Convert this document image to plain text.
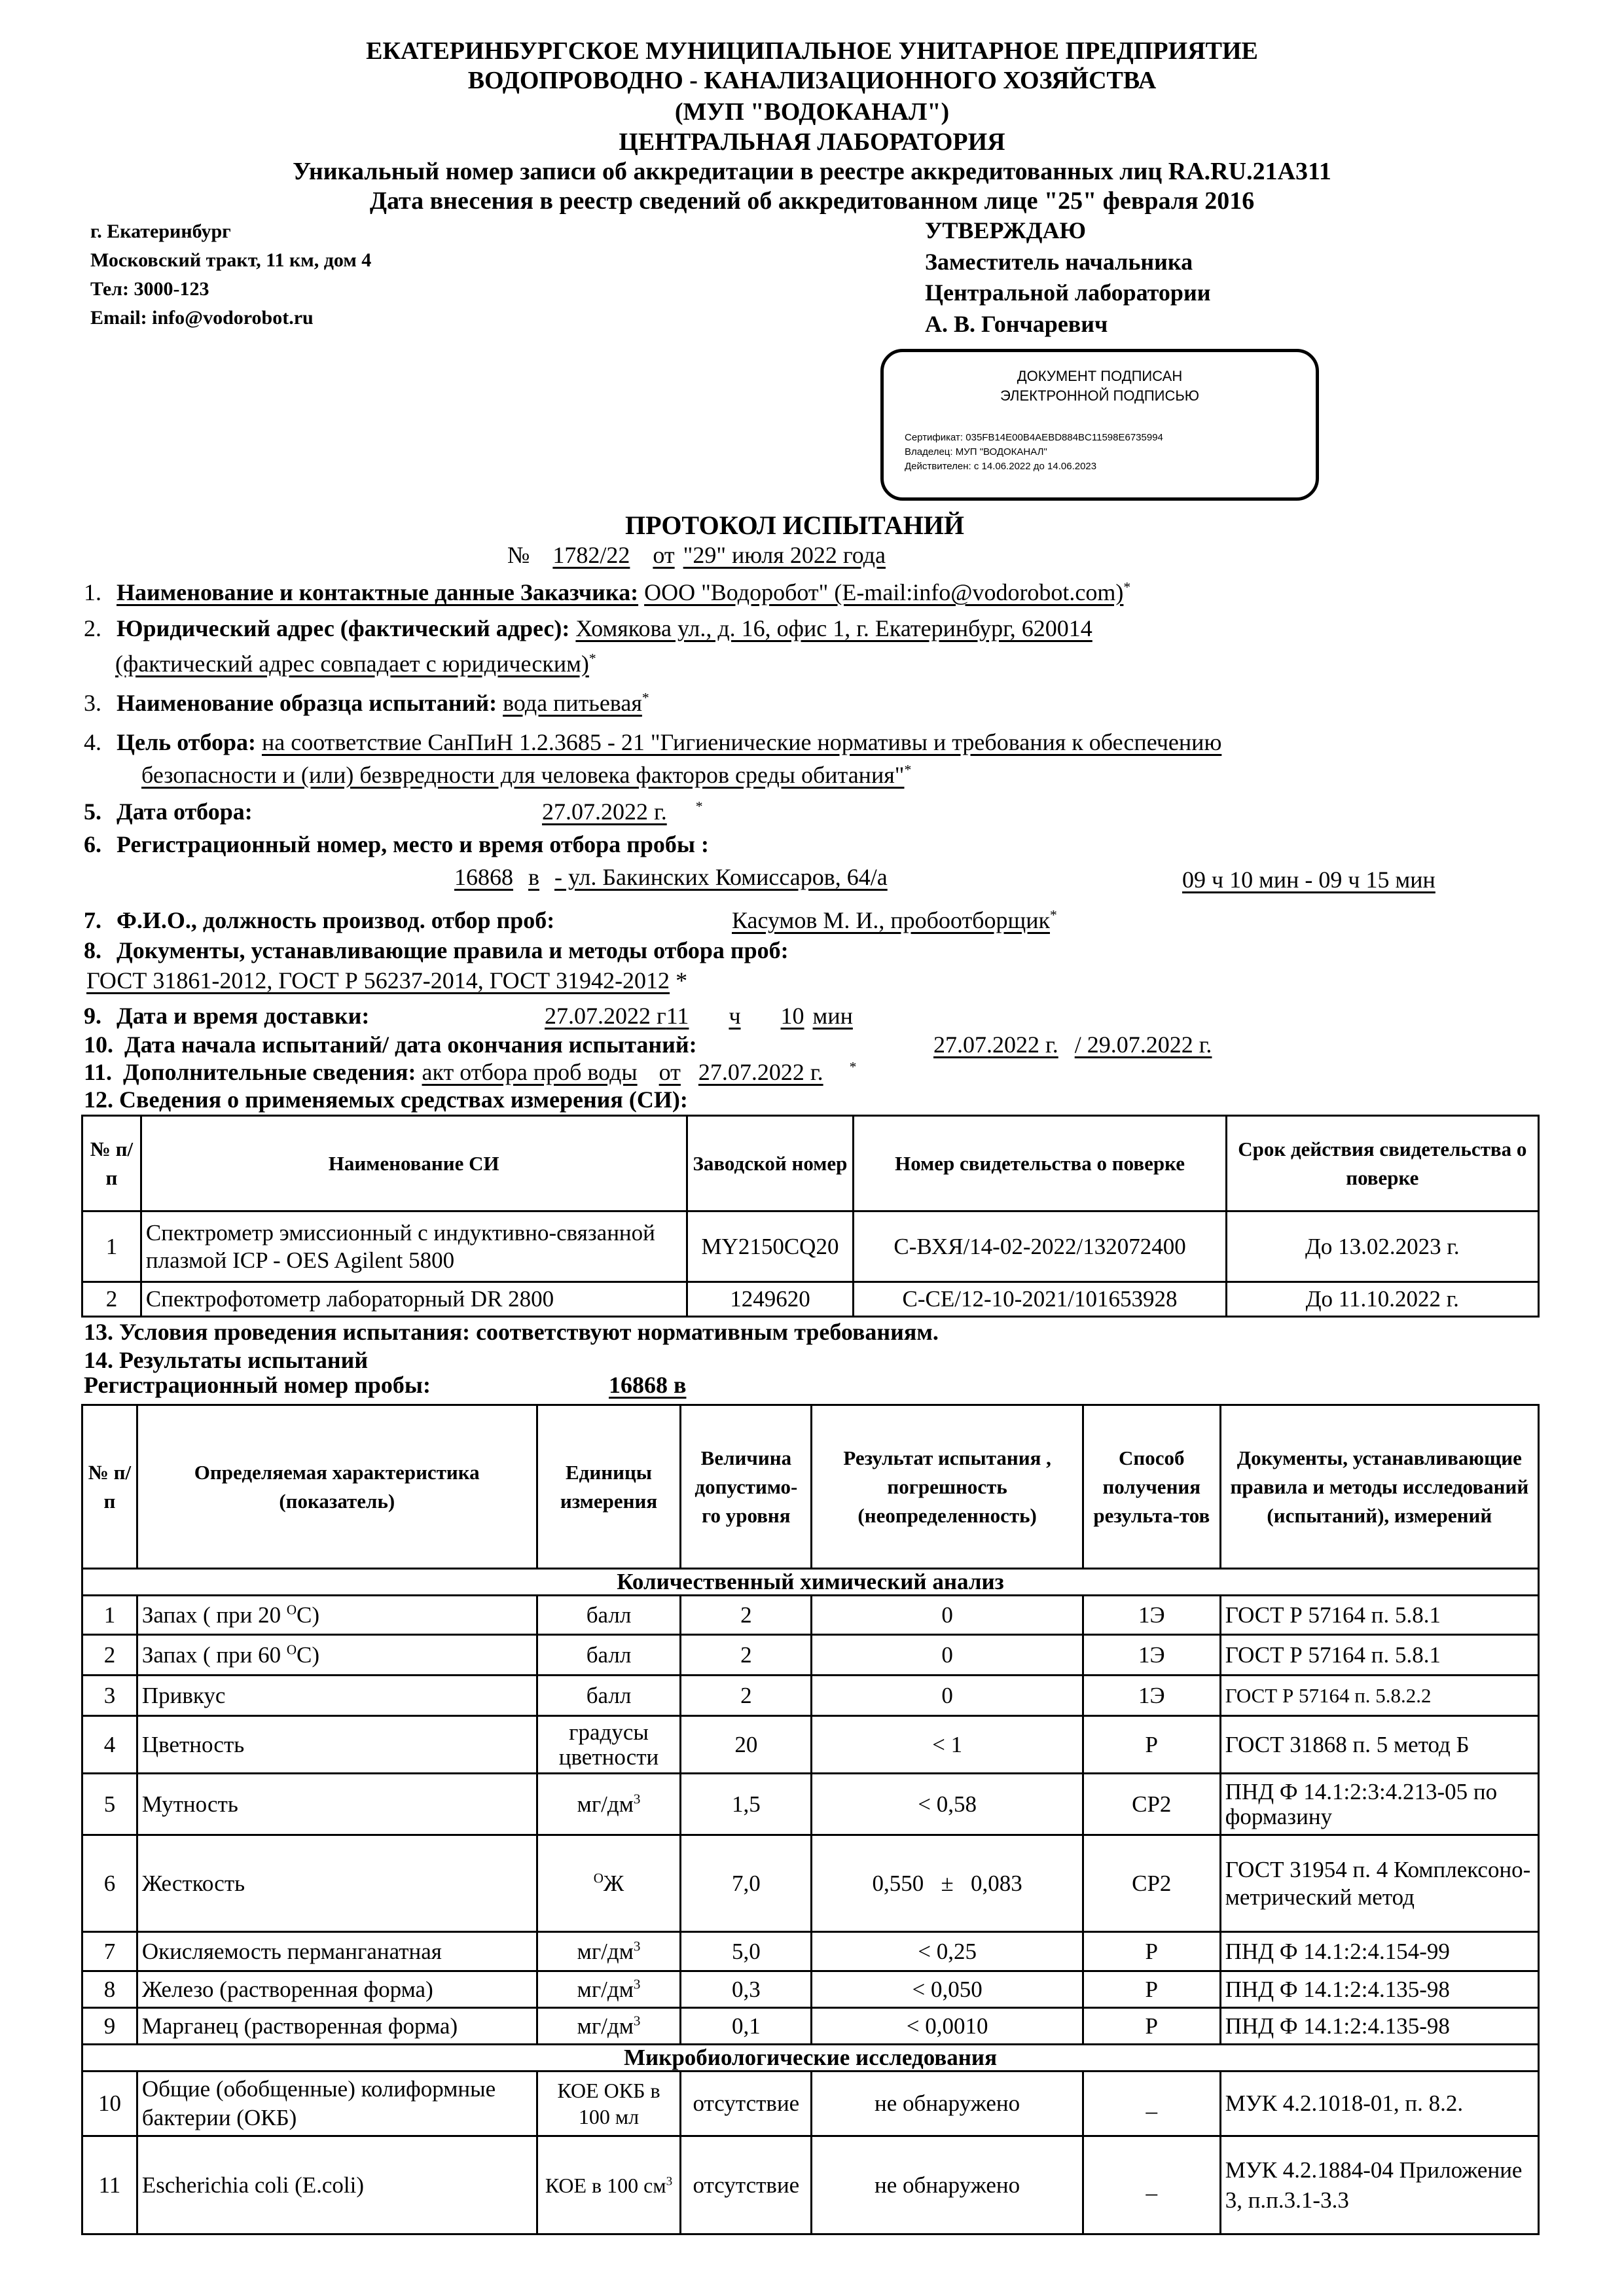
ЕКАТЕРИНБУРГСКОЕ МУНИЦИПАЛЬНОЕ УНИТАРНОЕ ПРЕДПРИЯТИЕ
ВОДОПРОВОДНО - КАНАЛИЗАЦИОННОГО ХОЗЯЙСТВА
(МУП "ВОДОКАНАЛ")
ЦЕНТРАЛЬНАЯ ЛАБОРАТОРИЯ
Уникальный номер записи об аккредитации в реестре аккредитованных лиц RA.RU.21А311
Дата внесения в реестр сведений об аккредитованном лице "25" февраля 2016
г. Екатеринбург
Московский тракт, 11 км, дом 4
Тел: 3000-123
Email: info@vodorobot.ru
УТВЕРЖДАЮ
Заместитель начальника
Центральной лаборатории
А. В. Гончаревич
ДОКУМЕНТ ПОДПИСАН
ЭЛЕКТРОННОЙ ПОДПИСЬЮ
Сертификат: 035FB14E00B4AEBD884BC11598E6735994
Владелец: МУП "ВОДОКАНАЛ"
Действителен: с 14.06.2022 до 14.06.2023
ПРОТОКОЛ ИСПЫТАНИЙ
№ 1782/22 от "29" июля 2022 года
1. Наименование и контактные данные Заказчика: ООО "Водоробот" (E-mail:info@vodorobot.com)*
2. Юридический адрес (фактический адрес): Хомякова ул., д. 16, офис 1, г. Екатеринбург, 620014
(фактический адрес совпадает с юридическим)*
3. Наименование образца испытаний: вода питьевая*
4. Цель отбора: на соответствие СанПиН 1.2.3685 - 21 "Гигиенические нормативы и требования к обеспечению
безопасности и (или) безвредности для человека факторов среды обитания"*
5. Дата отбора:	27.07.2022 г. *
6. Регистрационный номер, место и время отбора пробы :
16868 в - ул. Бакинских Комиссаров, 64/а	09 ч 10 мин - 09 ч 15 мин
7. Ф.И.О., должность производ. отбор проб:	Касумов М. И., пробоотборщик*
8. Документы, устанавливающие правила и методы отбора проб:
ГОСТ 31861-2012, ГОСТ Р 56237-2014, ГОСТ 31942-2012 *
9. Дата и время доставки:	27.07.2022 г11 ч 10 мин
10. Дата начала испытаний/ дата окончания испытаний:	27.07.2022 г. / 29.07.2022 г.
11. Дополнительные сведения: акт отбора проб воды от 27.07.2022 г. *
12. Сведения о применяемых средствах измерения (СИ):
№ п/п	Наименование СИ	Заводской номер	Номер свидетельства о поверке	Срок действия свидетельства о поверке
1	Спектрометр эмиссионный с индуктивно-связанной плазмой ICP - OES Agilent 5800	MY2150CQ20	С-ВХЯ/14-02-2022/132072400	До 13.02.2023 г.
2	Спектрофотометр лабораторный DR 2800	1249620	С-СЕ/12-10-2021/101653928	До 11.10.2022 г.
13. Условия проведения испытания: соответствуют нормативным требованиям.
14. Результаты испытаний
Регистрационный номер пробы:	16868 в
№ п/п	Определяемая характеристика (показатель)	Единицы измерения	Величина допустимо-го уровня	Результат испытания , погрешность (неопределенность)	Способ получения результа-тов	Документы, устанавливающие правила и методы исследований (испытаний), измерений
Количественный химический анализ						
1	Запах ( при 20 $^О$С)	балл	2	0	1Э	ГОСТ Р 57164 п. 5.8.1
2	Запах ( при 60 $^О$С)	балл	2	0	1Э	ГОСТ Р 57164 п. 5.8.1
3	Привкус	балл	2	0	1Э	ГОСТ Р 57164 п. 5.8.2.2
4	Цветность	градусы цветности	20	< 1	Р	ГОСТ 31868 п. 5 метод Б
5	Мутность	$мг/дм^3$	1,5	< 0,58	СР2	ПНД Ф 14.1:2:3:4.213-05 по формазину
6	Жесткость	$^О$Ж	7,0	0,550   ±   0,083	СР2	ГОСТ 31954 п. 4 Комплексоно-метрический метод
7	Окисляемость перманганатная	$мг/дм^3$	5,0	< 0,25	Р	ПНД Ф 14.1:2:4.154-99
8	Железо (растворенная форма)	$мг/дм^3$	0,3	< 0,050	Р	ПНД Ф 14.1:2:4.135-98
9	Марганец (растворенная форма)	$мг/дм^3$	0,1	< 0,0010	Р	ПНД Ф 14.1:2:4.135-98
Микробиологические исследования						
10	Общие (обобщенные) колиформные бактерии (ОКБ)	КОЕ ОКБ в 100 мл	отсутствие	не обнаружено	_	МУК 4.2.1018-01, п. 8.2.
11	Escherichia coli (E.coli)	КОЕ в 100 $см^3$	отсутствие	не обнаружено	_	МУК 4.2.1884-04 Приложение 3, п.п.3.1-3.3
